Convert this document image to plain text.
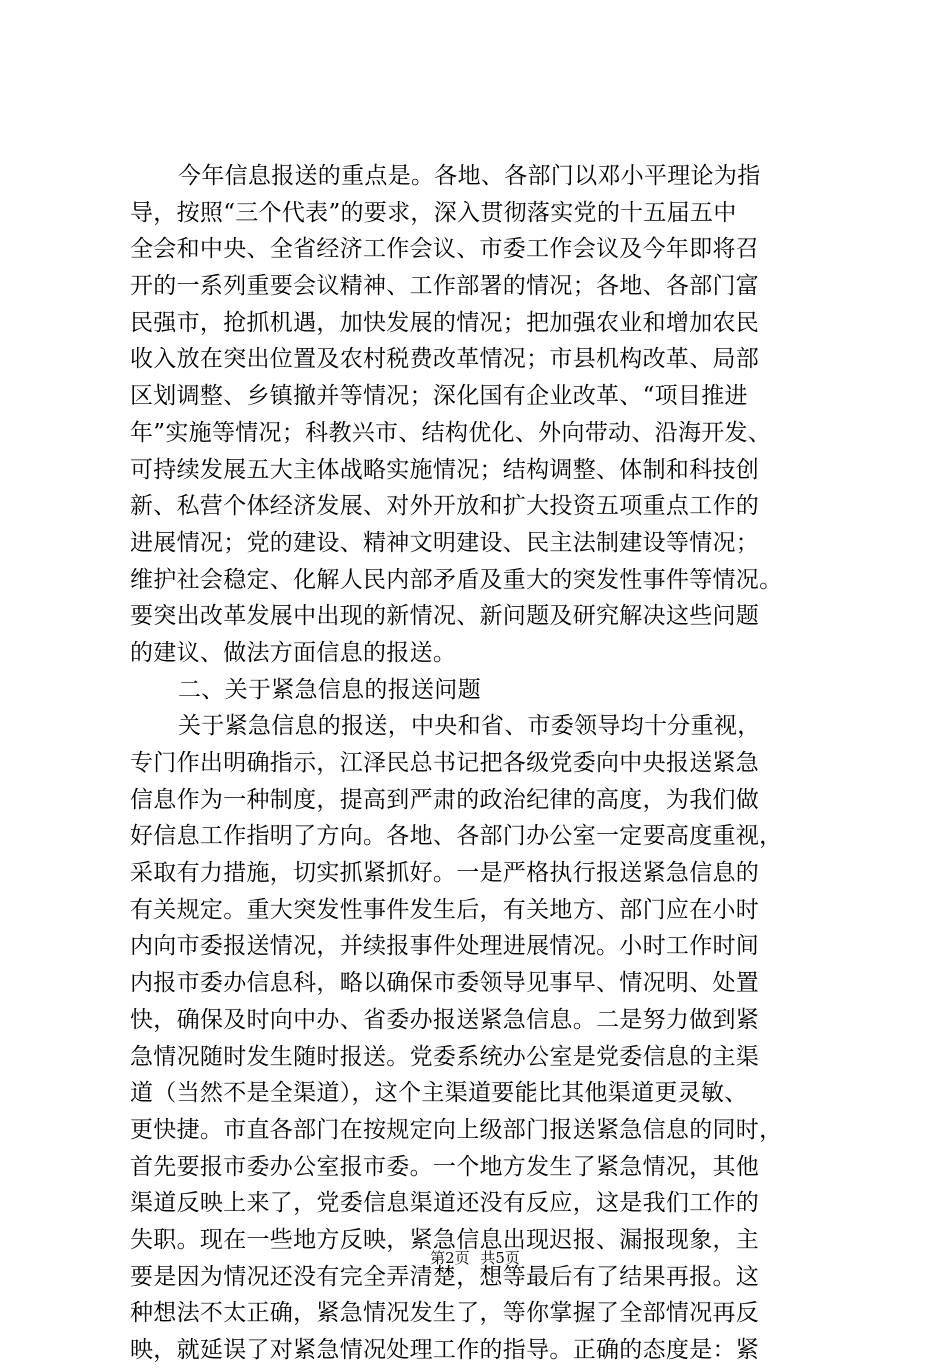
今年信息报送的重点是。各地、各部门以邓小平理论为指
导，按照“三个代表”的要求，深入贯彻落实党的十五届五中
全会和中央、全省经济工作会议、市委工作会议及今年即将召
开的一系列重要会议精神、工作部署的情况；各地、各部门富
民强市，抢抓机遇，加快发展的情况；把加强农业和增加农民
收入放在突出位置及农村税费改革情况；市县机构改革、局部
区划调整、乡镇撤并等情况；深化国有企业改革、“项目推进
年”实施等情况；科教兴市、结构优化、外向带动、沿海开发、
可持续发展五大主体战略实施情况；结构调整、体制和科技创
新、私营个体经济发展、对外开放和扩大投资五项重点工作的
进展情况；党的建设、精神文明建设、民主法制建设等情况；
维护社会稳定、化解人民内部矛盾及重大的突发性事件等情况。
要突出改革发展中出现的新情况、新问题及研究解决这些问题
的建议、做法方面信息的报送。
二、关于紧急信息的报送问题
关于紧急信息的报送，中央和省、市委领导均十分重视，
专门作出明确指示，江泽民总书记把各级党委向中央报送紧急
信息作为一种制度，提高到严肃的政治纪律的高度，为我们做
好信息工作指明了方向。各地、各部门办公室一定要高度重视，
采取有力措施，切实抓紧抓好。一是严格执行报送紧急信息的
有关规定。重大突发性事件发生后，有关地方、部门应在小时
内向市委报送情况，并续报事件处理进展情况。小时工作时间
内报市委办信息科，略以确保市委领导见事早、情况明、处置
快，确保及时向中办、省委办报送紧急信息。二是努力做到紧
急情况随时发生随时报送。党委系统办公室是党委信息的主渠
道（当然不是全渠道），这个主渠道要能比其他渠道更灵敏、
更快捷。市直各部门在按规定向上级部门报送紧急信息的同时，
首先要报市委办公室报市委。一个地方发生了紧急情况，其他
渠道反映上来了，党委信息渠道还没有反应，这是我们工作的
失职。现在一些地方反映，紧急信息出现迟报、漏报现象，主
要是因为情况还没有完全弄清楚，想等最后有了结果再报。这
种想法不太正确，紧急情况发生了，等你掌握了全部情况再反
映，就延误了对紧急情况处理工作的指导。正确的态度是：紧
第2页 共5页
